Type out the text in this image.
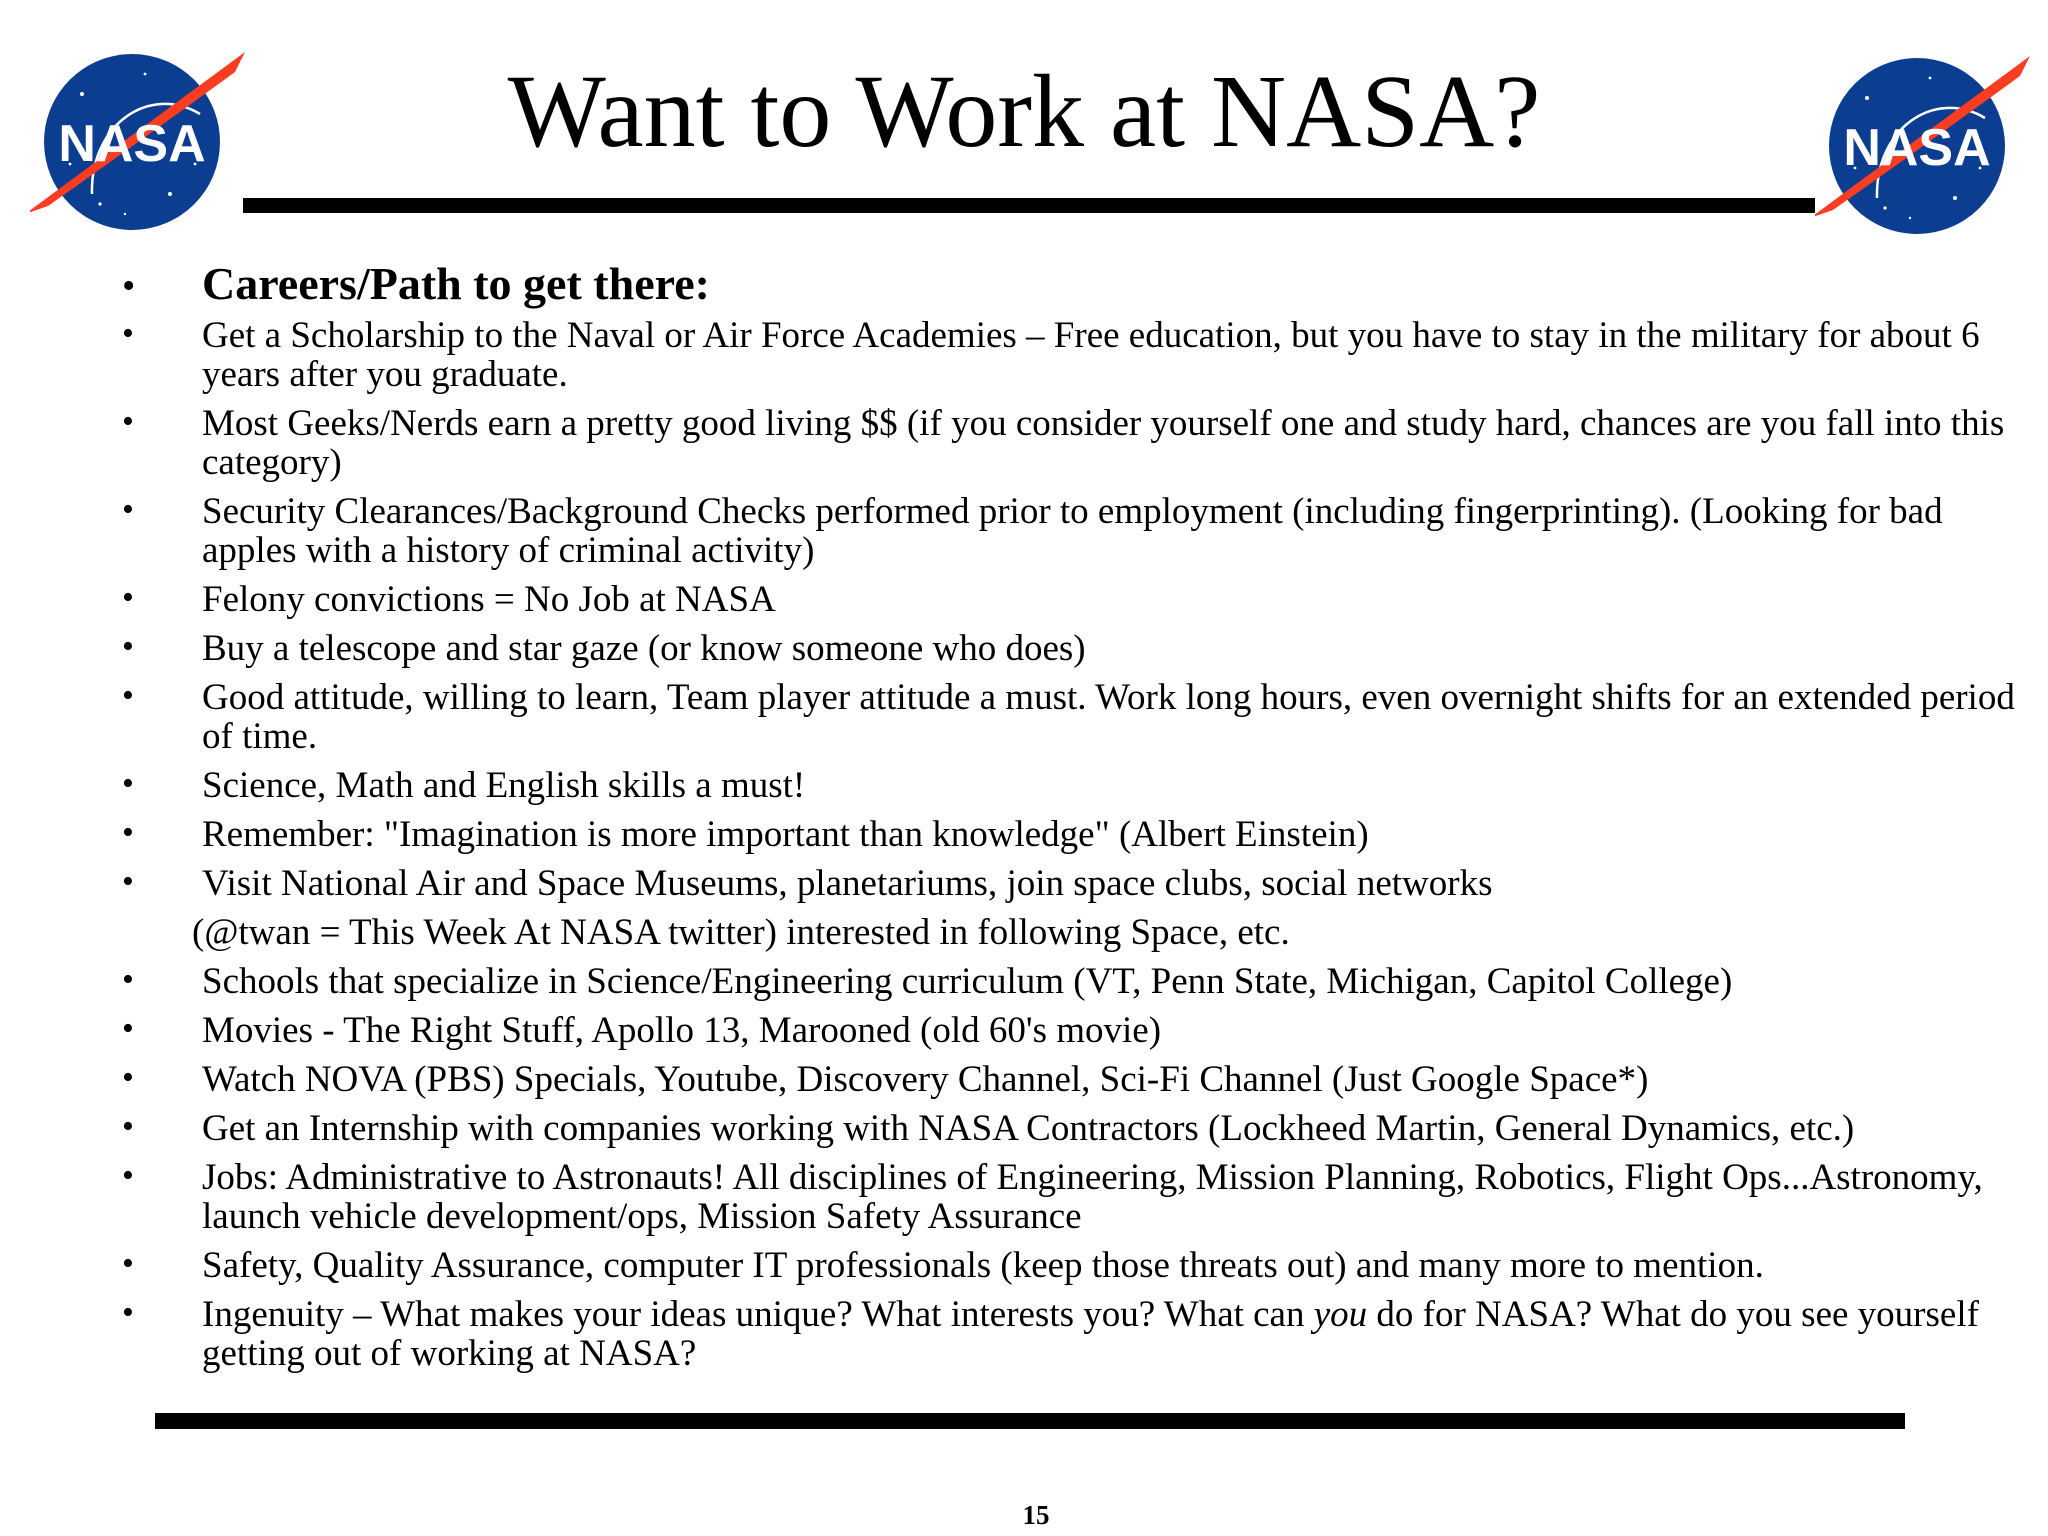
NASA	NASA
Want to Work at NASA?
• Careers/Path to get there:
• Get a Scholarship to the Naval or Air Force Academies – Free education, but you have to stay in the military for about 6 years after you graduate.
• Most Geeks/Nerds earn a pretty good living $$ (if you consider yourself one and study hard, chances are you fall into this category)
• Security Clearances/Background Checks performed prior to employment (including fingerprinting). (Looking for bad apples with a history of criminal activity)
• Felony convictions = No Job at NASA
• Buy a telescope and star gaze (or know someone who does)
• Good attitude, willing to learn, Team player attitude a must. Work long hours, even overnight shifts for an extended period of time.
• Science, Math and English skills a must!
• Remember: "Imagination is more important than knowledge" (Albert Einstein)
• Visit National Air and Space Museums, planetariums, join space clubs, social networks
(@twan = This Week At NASA twitter) interested in following Space, etc.
• Schools that specialize in Science/Engineering curriculum (VT, Penn State, Michigan, Capitol College)
• Movies - The Right Stuff, Apollo 13, Marooned (old 60's movie)
• Watch NOVA (PBS) Specials, Youtube, Discovery Channel, Sci-Fi Channel (Just Google Space*)
• Get an Internship with companies working with NASA Contractors (Lockheed Martin, General Dynamics, etc.)
• Jobs: Administrative to Astronauts! All disciplines of Engineering, Mission Planning, Robotics, Flight Ops...Astronomy, launch vehicle development/ops, Mission Safety Assurance
• Safety, Quality Assurance, computer IT professionals (keep those threats out) and many more to mention.
• Ingenuity – What makes your ideas unique? What interests you? What can you do for NASA? What do you see yourself getting out of working at NASA?
15
